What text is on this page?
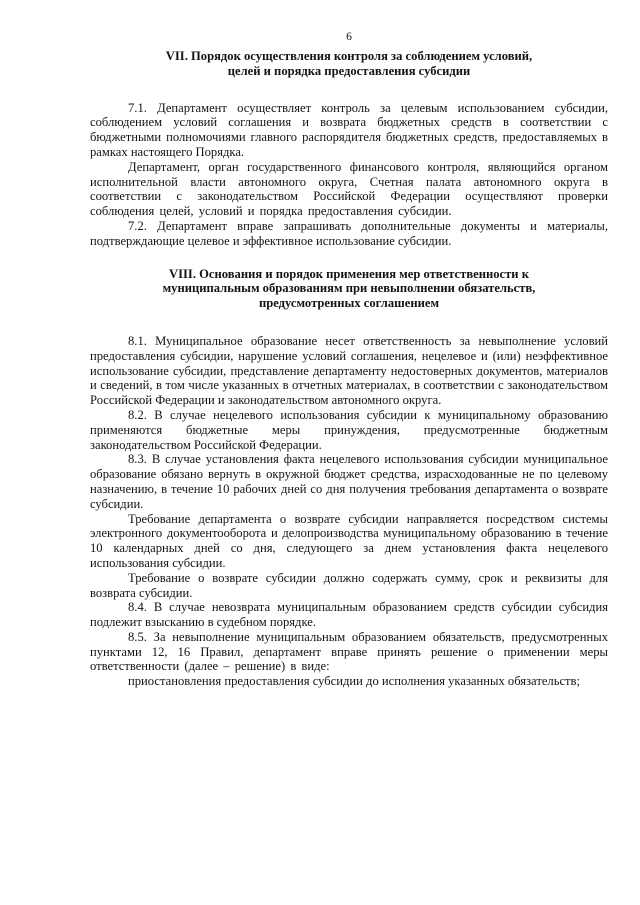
6

VII. Порядок осуществления контроля за соблюдением условий,
целей и порядка предоставления субсидии

7.1. Департамент осуществляет контроль за целевым использованием субсидии, соблюдением условий соглашения и возврата бюджетных средств в соответствии с бюджетными полномочиями главного распорядителя бюджетных средств, предоставляемых в рамках настоящего Порядка.

Департамент, орган государственного финансового контроля, являющийся органом исполнительной власти автономного округа, Счетная палата автономного округа в соответствии с законодательством Российской Федерации осуществляют проверки соблюдения целей, условий и порядка предоставления субсидии.

7.2. Департамент вправе запрашивать дополнительные документы и материалы, подтверждающие целевое и эффективное использование субсидии.

VIII. Основания и порядок применения мер ответственности к
муниципальным образованиям при невыполнении обязательств,
предусмотренных соглашением

8.1. Муниципальное образование несет ответственность за невыполнение условий предоставления субсидии, нарушение условий соглашения, нецелевое и (или) неэффективное использование субсидии, представление департаменту недостоверных документов, материалов и сведений, в том числе указанных в отчетных материалах, в соответствии с законодательством Российской Федерации и законодательством автономного округа.

8.2. В случае нецелевого использования субсидии к муниципальному образованию применяются бюджетные меры принуждения, предусмотренные бюджетным законодательством Российской Федерации.

8.3. В случае установления факта нецелевого использования субсидии муниципальное образование обязано вернуть в окружной бюджет средства, израсходованные не по целевому назначению, в течение 10 рабочих дней со дня получения требования департамента о возврате субсидии.

Требование департамента о возврате субсидии направляется посредством системы электронного документооборота и делопроизводства муниципальному образованию в течение 10 календарных дней со дня, следующего за днем установления факта нецелевого использования субсидии.

Требование о возврате субсидии должно содержать сумму, срок и реквизиты для возврата субсидии.

8.4. В случае невозврата муниципальным образованием средств субсидии субсидия подлежит взысканию в судебном порядке.

8.5. За невыполнение муниципальным образованием обязательств, предусмотренных пунктами 12, 16 Правил, департамент вправе принять решение о применении меры ответственности (далее – решение) в виде:

приостановления предоставления субсидии до исполнения указанных обязательств;
